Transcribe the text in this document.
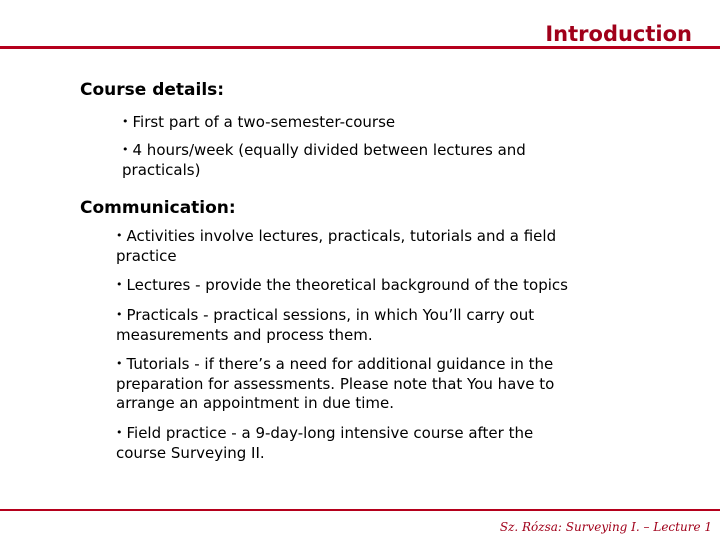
Introduction
Course details:
• First part of a two-semester-course
• 4 hours/week (equally divided between lectures and practicals)
Communication:
• Activities involve lectures, practicals, tutorials and a field practice
• Lectures - provide the theoretical background of the topics
• Practicals - practical sessions, in which You’ll carry out measurements and process them.
• Tutorials - if there’s a need for additional guidance in the preparation for assessments. Please note that You have to arrange an appointment in due time.
• Field practice - a 9-day-long intensive course after the course Surveying II.
Sz. Rózsa: Surveying I. – Lecture 1
